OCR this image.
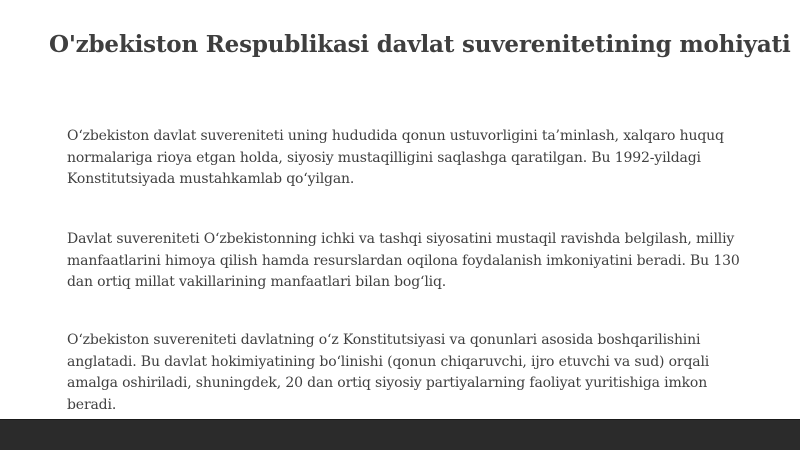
O'zbekiston Respublikasi davlat suverenitetining mohiyati

O‘zbekiston davlat suvereniteti uning hududida qonun ustuvorligini ta’minlash, xalqaro huquq normalariga rioya etgan holda, siyosiy mustaqilligini saqlashga qaratilgan. Bu 1992-yildagi Konstitutsiyada mustahkamlab qo‘yilgan.

Davlat suvereniteti O‘zbekistonning ichki va tashqi siyosatini mustaqil ravishda belgilash, milliy manfaatlarini himoya qilish hamda resurslardan oqilona foydalanish imkoniyatini beradi. Bu 130 dan ortiq millat vakillarining manfaatlari bilan bog‘liq.

O‘zbekiston suvereniteti davlatning o‘z Konstitutsiyasi va qonunlari asosida boshqarilishini anglatadi. Bu davlat hokimiyatining bo‘linishi (qonun chiqaruvchi, ijro etuvchi va sud) orqali amalga oshiriladi, shuningdek, 20 dan ortiq siyosiy partiyalarning faoliyat yuritishiga imkon beradi.
